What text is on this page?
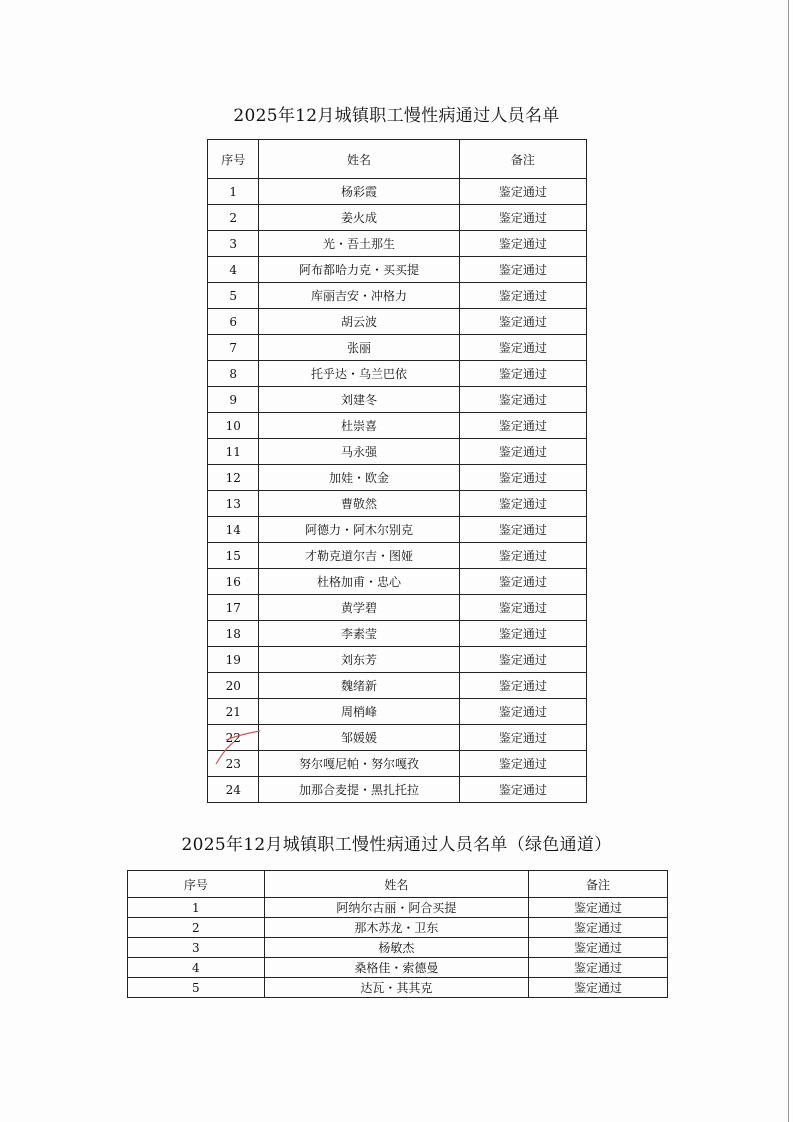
2025年12月城镇职工慢性病通过人员名单
序号	姓名	备注
1	杨彩霞	鉴定通过
2	姜火成	鉴定通过
3	光・吾土那生	鉴定通过
4	阿布都哈力克・买买提	鉴定通过
5	库丽吉安・冲格力	鉴定通过
6	胡云波	鉴定通过
7	张丽	鉴定通过
8	托乎达・乌兰巴依	鉴定通过
9	刘建冬	鉴定通过
10	杜崇喜	鉴定通过
11	马永强	鉴定通过
12	加娃・欧金	鉴定通过
13	曹敬然	鉴定通过
14	阿德力・阿木尔别克	鉴定通过
15	才勒克道尔吉・图娅	鉴定通过
16	杜格加甫・忠心	鉴定通过
17	黄学碧	鉴定通过
18	李素莹	鉴定通过
19	刘东芳	鉴定通过
20	魏绪新	鉴定通过
21	周梢峰	鉴定通过
22	邹媛媛	鉴定通过
23	努尔嘎尼帕・努尔嘎孜	鉴定通过
24	加那合麦提・黑扎托拉	鉴定通过
2025年12月城镇职工慢性病通过人员名单（绿色通道）
序号	姓名	备注
1	阿纳尔古丽・阿合买提	鉴定通过
2	那木苏龙・卫东	鉴定通过
3	杨敏杰	鉴定通过
4	桑格佳・索德曼	鉴定通过
5	达瓦・其其克	鉴定通过
